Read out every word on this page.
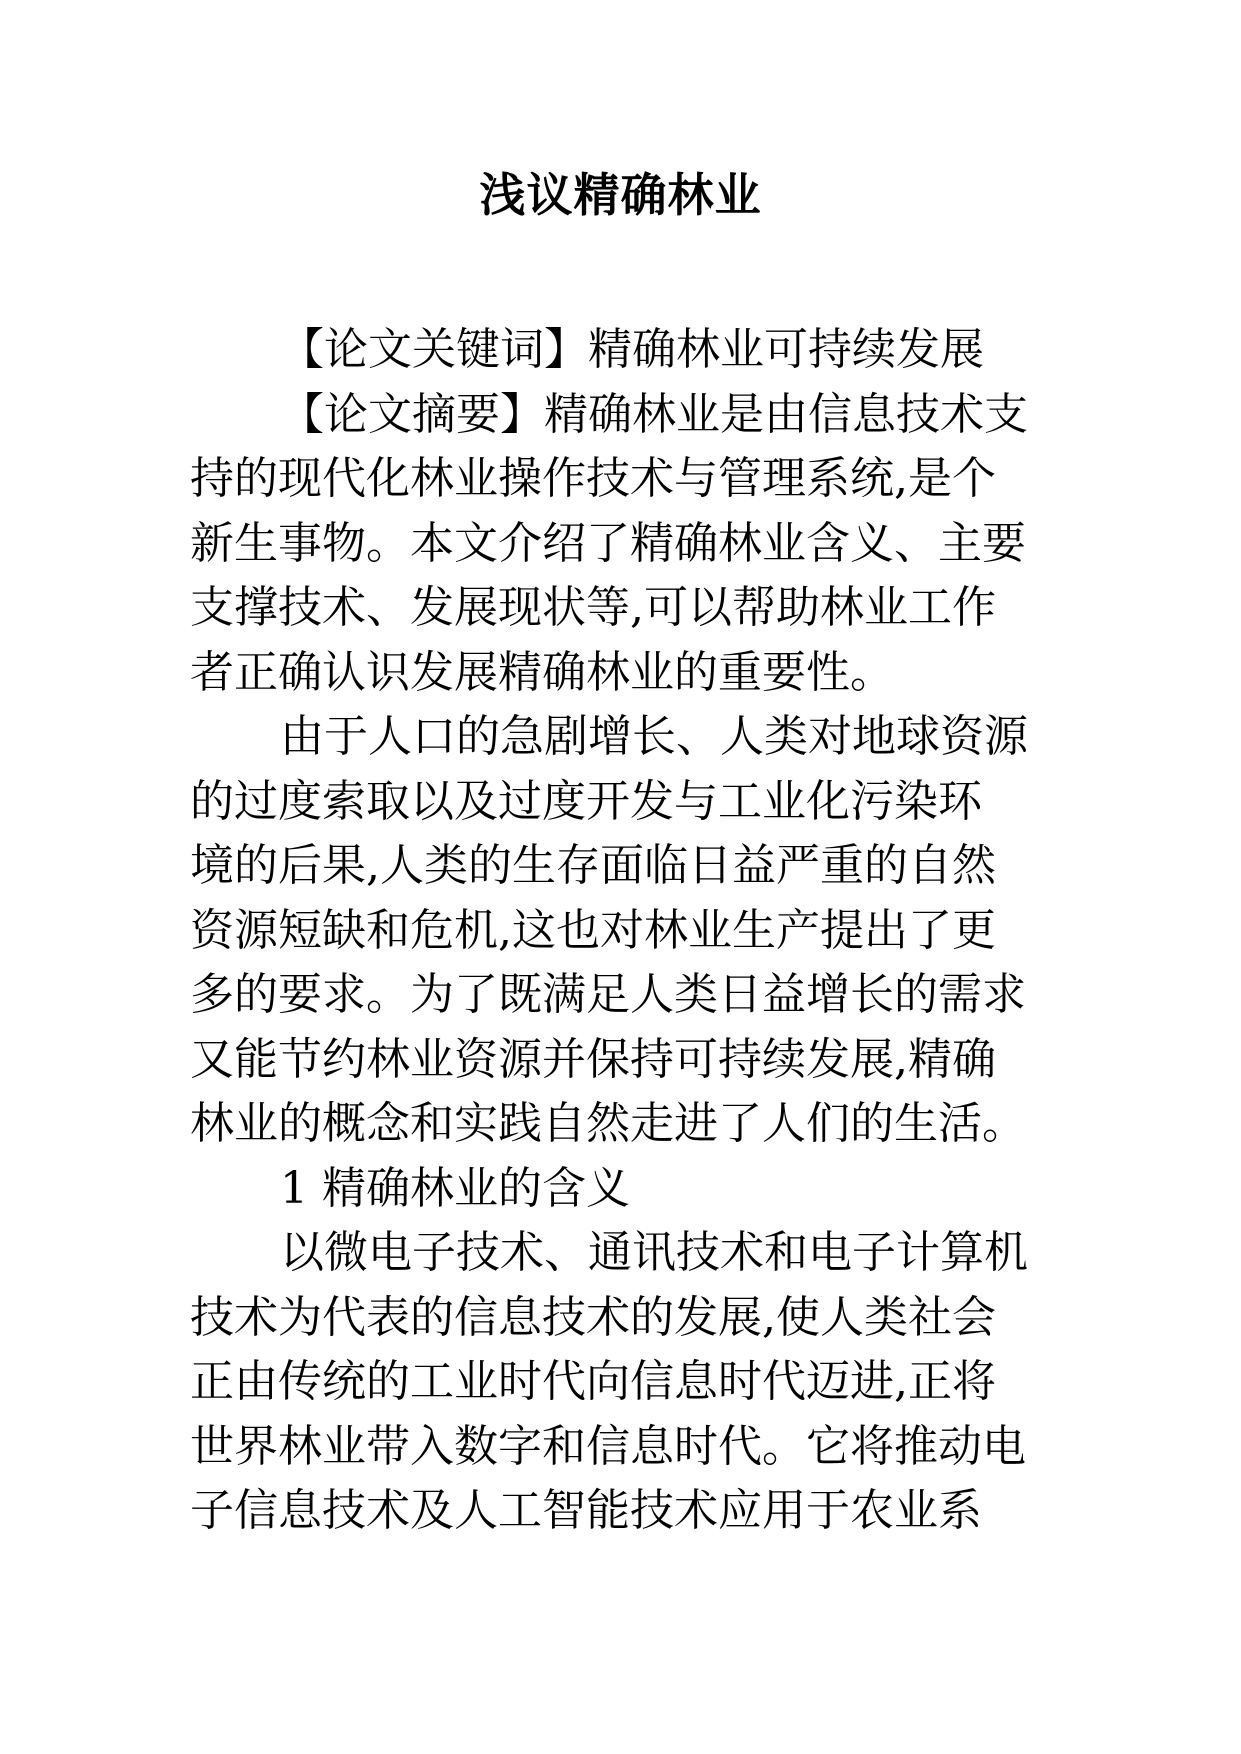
浅议精确林业
【论文关键词】精确林业可持续发展
【论文摘要】精确林业是由信息技术支
持的现代化林业操作技术与管理系统,是个
新生事物。本文介绍了精确林业含义、主要
支撑技术、发展现状等,可以帮助林业工作
者正确认识发展精确林业的重要性。
由于人口的急剧增长、人类对地球资源
的过度索取以及过度开发与工业化污染环
境的后果,人类的生存面临日益严重的自然
资源短缺和危机,这也对林业生产提出了更
多的要求。为了既满足人类日益增长的需求
又能节约林业资源并保持可持续发展,精确
林业的概念和实践自然走进了人们的生活。
1 精确林业的含义
以微电子技术、通讯技术和电子计算机
技术为代表的信息技术的发展,使人类社会
正由传统的工业时代向信息时代迈进,正将
世界林业带入数字和信息时代。它将推动电
子信息技术及人工智能技术应用于农业系
